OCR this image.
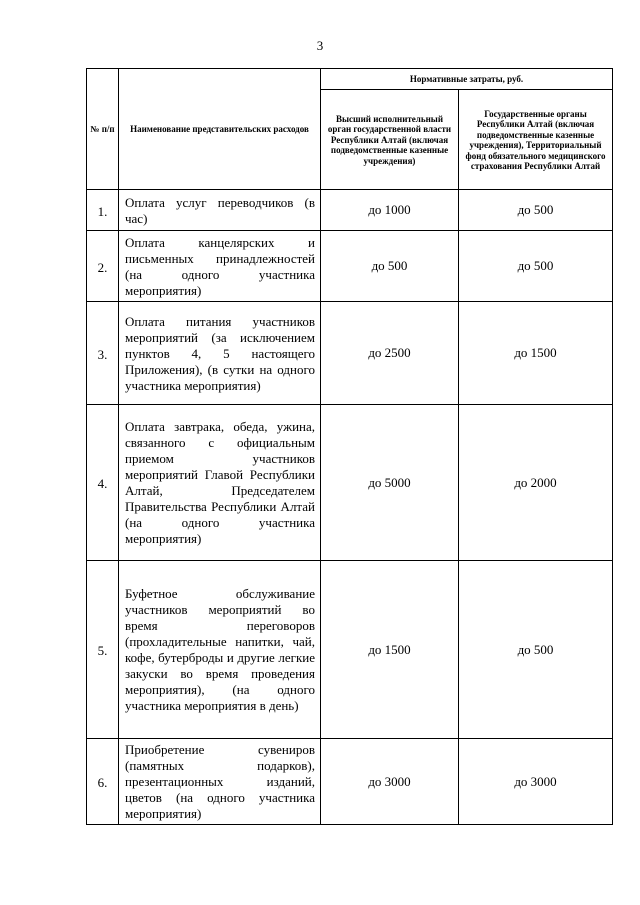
3
№ п/п	Наименование представительских расходов	Нормативные затраты, руб.	
		Высший исполнительный орган государственной власти Республики Алтай (включая подведомственные казенные учреждения)	Государственные органы Республики Алтай (включая подведомственные казенные учреждения), Территориальный фонд обязательного медицинского страхования Республики Алтай
1.	Оплата услуг переводчиков (в час)	до 1000	до 500
2.	Оплата канцелярских и письменных принадлежностей (на одного участника мероприятия)	до 500	до 500
3.	Оплата питания участников мероприятий (за исключением пунктов 4, 5 настоящего Приложения), (в сутки на одного участника мероприятия)	до 2500	до 1500
4.	Оплата завтрака, обеда, ужина, связанного с официальным приемом участников мероприятий Главой Республики Алтай, Председателем Правительства Республики Алтай (на одного участника мероприятия)	до 5000	до 2000
5.	Буфетное обслуживание участников мероприятий во время переговоров (прохладительные напитки, чай, кофе, бутерброды и другие легкие закуски во время проведения мероприятия), (на одного участника мероприятия в день)	до 1500	до 500
6.	Приобретение сувениров (памятных подарков), презентационных изданий, цветов (на одного участника мероприятия)	до 3000	до 3000
